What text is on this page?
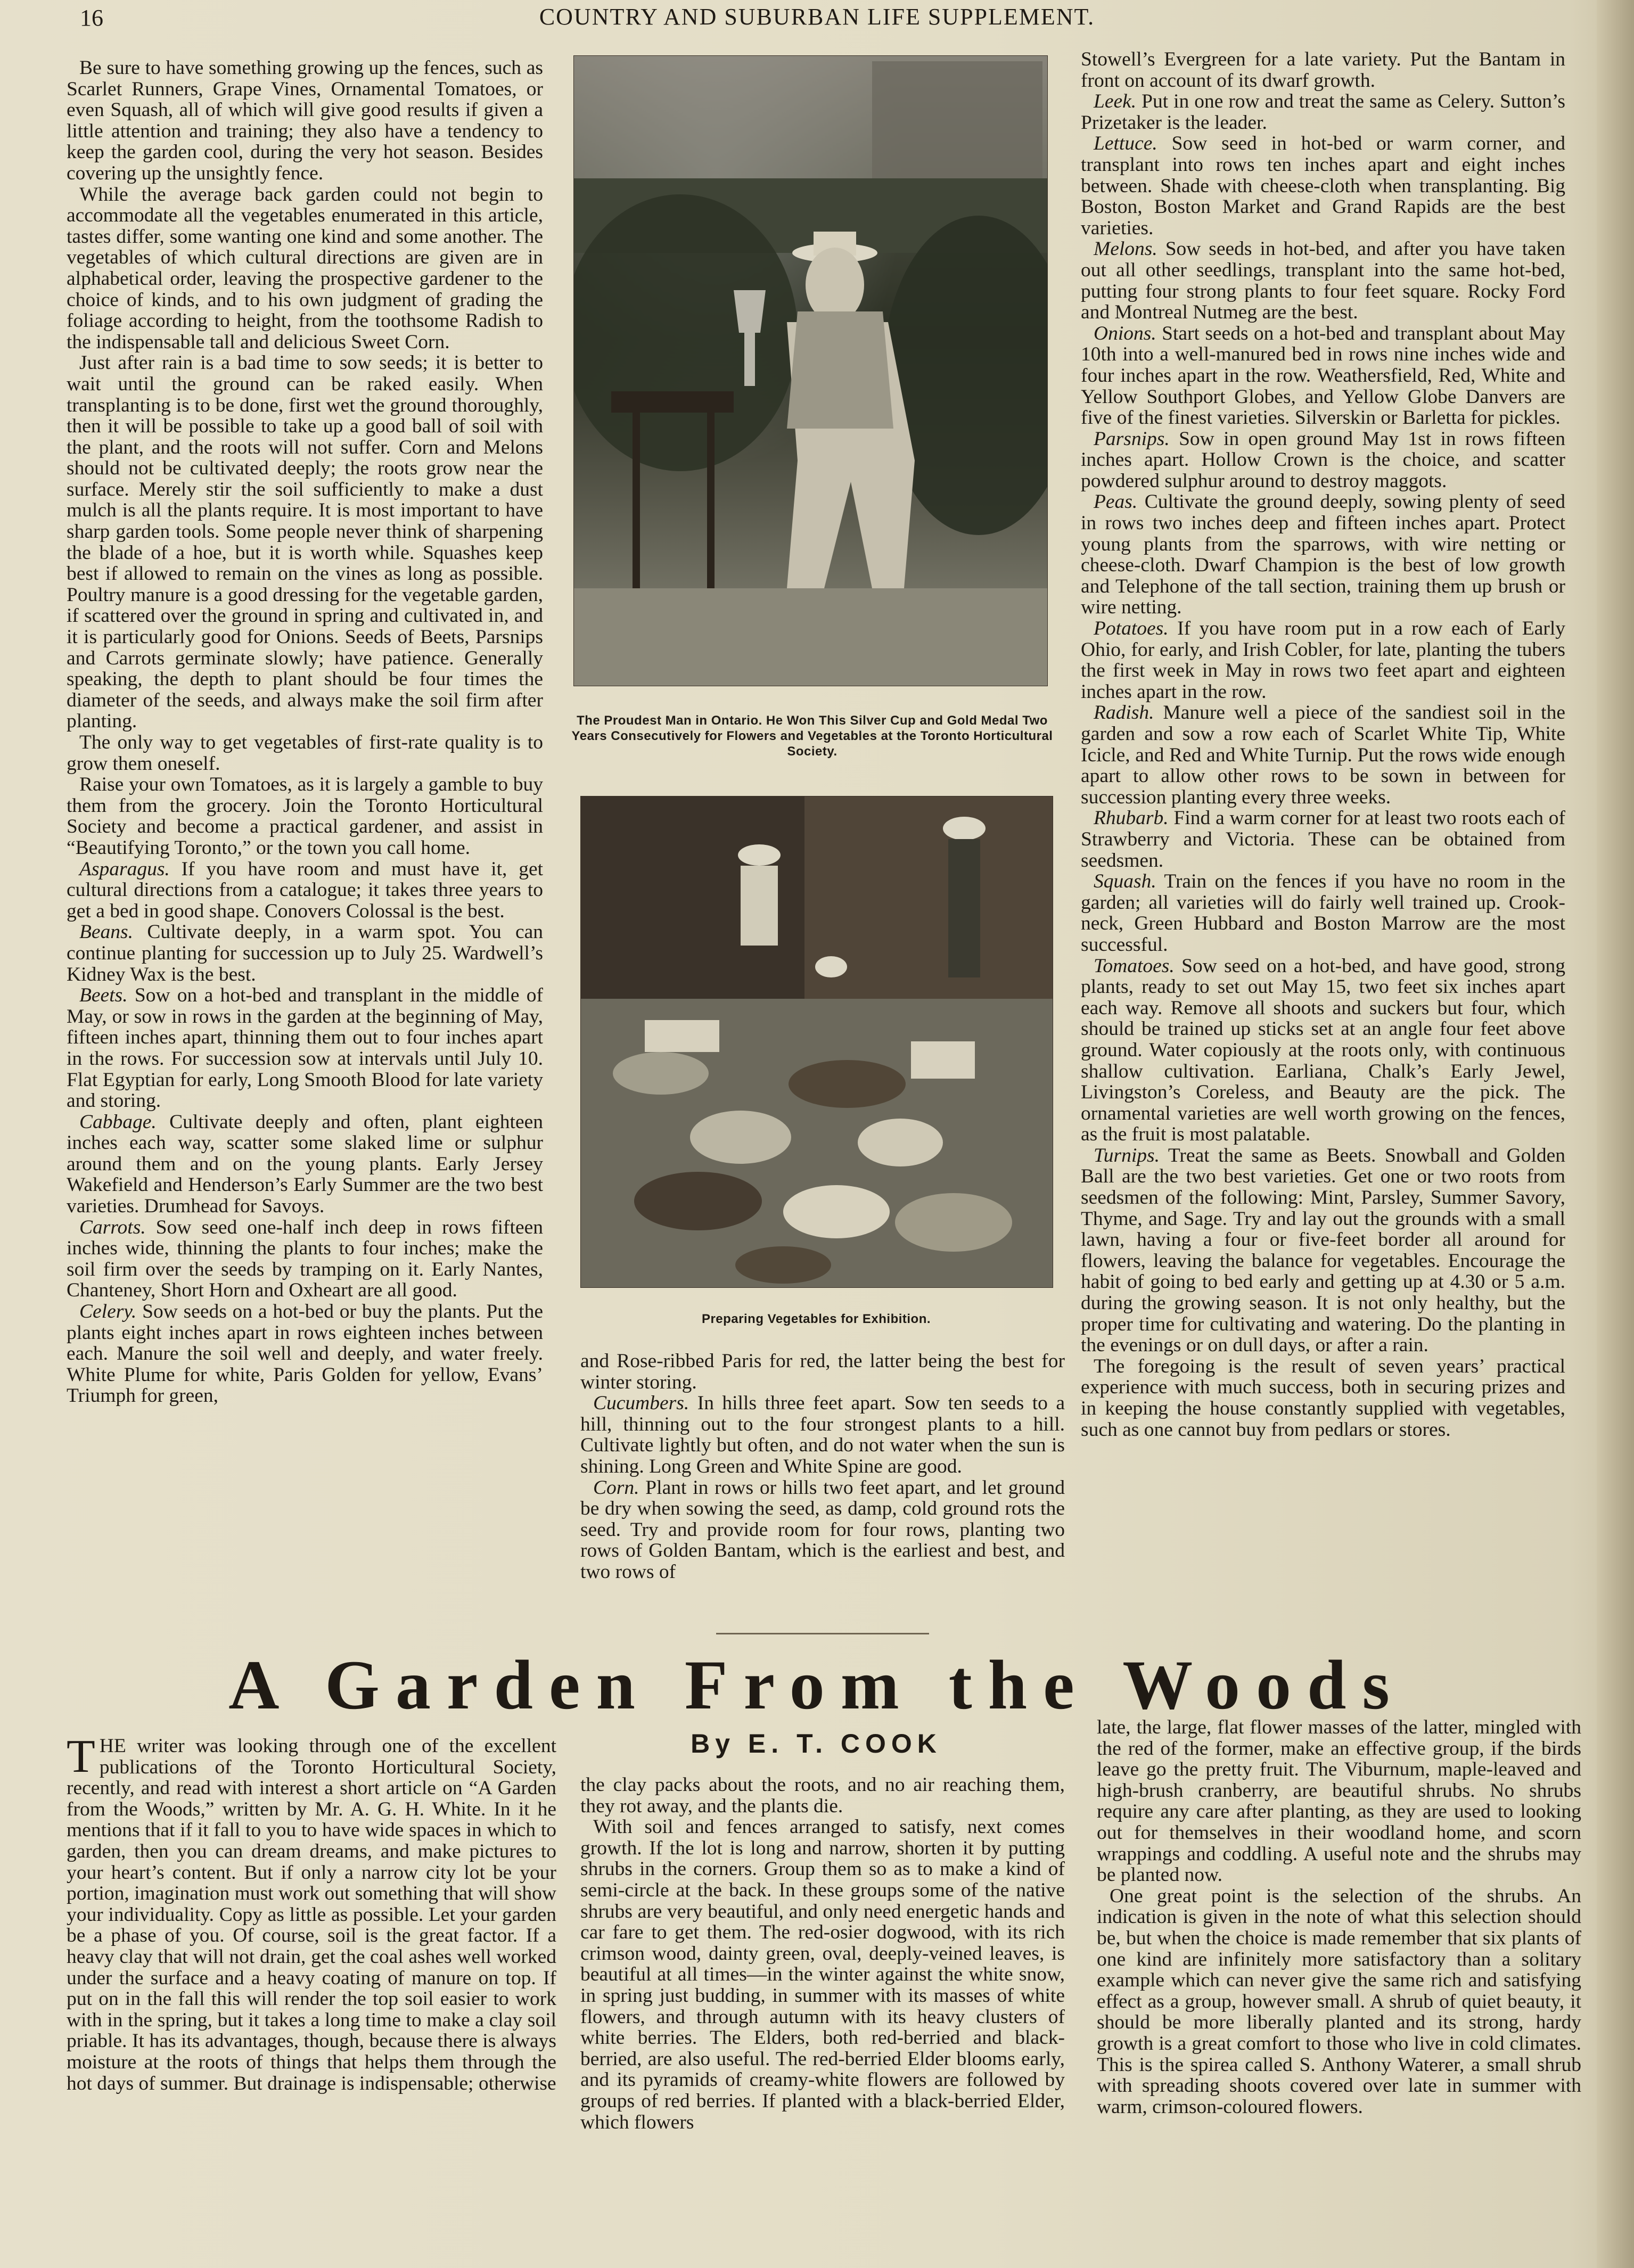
16	COUNTRY AND SUBURBAN LIFE SUPPLEMENT.

Be sure to have something growing up the fences, such as Scarlet Runners, Grape Vines, Ornamental Tomatoes, or even Squash, all of which will give good results if given a little attention and training; they also have a tendency to keep the garden cool, during the very hot season. Besides covering up the unsightly fence.

While the average back garden could not begin to accommodate all the vegetables enumerated in this article, tastes differ, some wanting one kind and some another. The vegetables of which cultural directions are given are in alphabetical order, leaving the prospective gardener to the choice of kinds, and to his own judgment of grading the foliage according to height, from the toothsome Radish to the indispensable tall and delicious Sweet Corn.

Just after rain is a bad time to sow seeds; it is better to wait until the ground can be raked easily. When transplanting is to be done, first wet the ground thoroughly, then it will be possible to take up a good ball of soil with the plant, and the roots will not suffer. Corn and Melons should not be cultivated deeply; the roots grow near the surface. Merely stir the soil sufficiently to make a dust mulch is all the plants require. It is most important to have sharp garden tools. Some people never think of sharpening the blade of a hoe, but it is worth while. Squashes keep best if allowed to remain on the vines as long as possible. Poultry manure is a good dressing for the vegetable garden, if scattered over the ground in spring and cultivated in, and it is particularly good for Onions. Seeds of Beets, Parsnips and Carrots germinate slowly; have patience. Generally speaking, the depth to plant should be four times the diameter of the seeds, and always make the soil firm after planting.

The only way to get vegetables of first-rate quality is to grow them oneself.

Raise your own Tomatoes, as it is largely a gamble to buy them from the grocery. Join the Toronto Horticultural Society and become a practical gardener, and assist in “Beautifying Toronto,” or the town you call home.

Asparagus. If you have room and must have it, get cultural directions from a catalogue; it takes three years to get a bed in good shape. Conovers Colossal is the best.

Beans. Cultivate deeply, in a warm spot. You can continue planting for succession up to July 25. Wardwell’s Kidney Wax is the best.

Beets. Sow on a hot-bed and transplant in the middle of May, or sow in rows in the garden at the beginning of May, fifteen inches apart, thinning them out to four inches apart in the rows. For succession sow at intervals until July 10. Flat Egyptian for early, Long Smooth Blood for late variety and storing.

Cabbage. Cultivate deeply and often, plant eighteen inches each way, scatter some slaked lime or sulphur around them and on the young plants. Early Jersey Wakefield and Henderson’s Early Summer are the two best varieties. Drumhead for Savoys.

Carrots. Sow seed one-half inch deep in rows fifteen inches wide, thinning the plants to four inches; make the soil firm over the seeds by tramping on it. Early Nantes, Chanteney, Short Horn and Oxheart are all good.

Celery. Sow seeds on a hot-bed or buy the plants. Put the plants eight inches apart in rows eighteen inches between each. Manure the soil well and deeply, and water freely. White Plume for white, Paris Golden for yellow, Evans’ Triumph for green,

The Proudest Man in Ontario. He Won This Silver Cup and Gold Medal Two Years Consecutively for Flowers and Vegetables at the Toronto Horticultural Society.
Preparing Vegetables for Exhibition.

and Rose-ribbed Paris for red, the latter being the best for winter storing.

Cucumbers. In hills three feet apart. Sow ten seeds to a hill, thinning out to the four strongest plants to a hill. Cultivate lightly but often, and do not water when the sun is shining. Long Green and White Spine are good.

Corn. Plant in rows or hills two feet apart, and let ground be dry when sowing the seed, as damp, cold ground rots the seed. Try and provide room for four rows, planting two rows of Golden Bantam, which is the earliest and best, and two rows of

Stowell’s Evergreen for a late variety. Put the Bantam in front on account of its dwarf growth.

Leek. Put in one row and treat the same as Celery. Sutton’s Prizetaker is the leader.

Lettuce. Sow seed in hot-bed or warm corner, and transplant into rows ten inches apart and eight inches between. Shade with cheese-cloth when transplanting. Big Boston, Boston Market and Grand Rapids are the best varieties.

Melons. Sow seeds in hot-bed, and after you have taken out all other seedlings, transplant into the same hot-bed, putting four strong plants to four feet square. Rocky Ford and Montreal Nutmeg are the best.

Onions. Start seeds on a hot-bed and transplant about May 10th into a well-manured bed in rows nine inches wide and four inches apart in the row. Weathersfield, Red, White and Yellow Southport Globes, and Yellow Globe Danvers are five of the finest varieties. Silverskin or Barletta for pickles.

Parsnips. Sow in open ground May 1st in rows fifteen inches apart. Hollow Crown is the choice, and scatter powdered sulphur around to destroy maggots.

Peas. Cultivate the ground deeply, sowing plenty of seed in rows two inches deep and fifteen inches apart. Protect young plants from the sparrows, with wire netting or cheese-cloth. Dwarf Champion is the best of low growth and Telephone of the tall section, training them up brush or wire netting.

Potatoes. If you have room put in a row each of Early Ohio, for early, and Irish Cobler, for late, planting the tubers the first week in May in rows two feet apart and eighteen inches apart in the row.

Radish. Manure well a piece of the sandiest soil in the garden and sow a row each of Scarlet White Tip, White Icicle, and Red and White Turnip. Put the rows wide enough apart to allow other rows to be sown in between for succession planting every three weeks.

Rhubarb. Find a warm corner for at least two roots each of Strawberry and Victoria. These can be obtained from seedsmen.

Squash. Train on the fences if you have no room in the garden; all varieties will do fairly well trained up. Crook-neck, Green Hubbard and Boston Marrow are the most successful.

Tomatoes. Sow seed on a hot-bed, and have good, strong plants, ready to set out May 15, two feet six inches apart each way. Remove all shoots and suckers but four, which should be trained up sticks set at an angle four feet above ground. Water copiously at the roots only, with continuous shallow cultivation. Earliana, Chalk’s Early Jewel, Livingston’s Coreless, and Beauty are the pick. The ornamental varieties are well worth growing on the fences, as the fruit is most palatable.

Turnips. Treat the same as Beets. Snowball and Golden Ball are the two best varieties. Get one or two roots from seedsmen of the following: Mint, Parsley, Summer Savory, Thyme, and Sage. Try and lay out the grounds with a small lawn, having a four or five-feet border all around for flowers, leaving the balance for vegetables. Encourage the habit of going to bed early and getting up at 4.30 or 5 a.m. during the growing season. It is not only healthy, but the proper time for cultivating and watering. Do the planting in the evenings or on dull days, or after a rain.

The foregoing is the result of seven years’ practical experience with much success, both in securing prizes and in keeping the house constantly supplied with vegetables, such as one cannot buy from pedlars or stores.

A Garden From the Woods
By E. T. COOK

THE writer was looking through one of the excellent publications of the Toronto Horticultural Society, recently, and read with interest a short article on “A Garden from the Woods,” written by Mr. A. G. H. White. In it he mentions that if it fall to you to have wide spaces in which to garden, then you can dream dreams, and make pictures to your heart’s content. But if only a narrow city lot be your portion, imagination must work out something that will show your individuality. Copy as little as possible. Let your garden be a phase of you. Of course, soil is the great factor. If a heavy clay that will not drain, get the coal ashes well worked under the surface and a heavy coating of manure on top. If put on in the fall this will render the top soil easier to work with in the spring, but it takes a long time to make a clay soil priable. It has its advantages, though, because there is always moisture at the roots of things that helps them through the hot days of summer. But drainage is indispensable; otherwise

the clay packs about the roots, and no air reaching them, they rot away, and the plants die.

With soil and fences arranged to satisfy, next comes growth. If the lot is long and narrow, shorten it by putting shrubs in the corners. Group them so as to make a kind of semi-circle at the back. In these groups some of the native shrubs are very beautiful, and only need energetic hands and car fare to get them. The red-osier dogwood, with its rich crimson wood, dainty green, oval, deeply-veined leaves, is beautiful at all times—in the winter against the white snow, in spring just budding, in summer with its masses of white flowers, and through autumn with its heavy clusters of white berries. The Elders, both red-berried and black-berried, are also useful. The red-berried Elder blooms early, and its pyramids of creamy-white flowers are followed by groups of red berries. If planted with a black-berried Elder, which flowers

late, the large, flat flower masses of the latter, mingled with the red of the former, make an effective group, if the birds leave go the pretty fruit. The Viburnum, maple-leaved and high-brush cranberry, are beautiful shrubs. No shrubs require any care after planting, as they are used to looking out for themselves in their woodland home, and scorn wrappings and coddling. A useful note and the shrubs may be planted now.

One great point is the selection of the shrubs. An indication is given in the note of what this selection should be, but when the choice is made remember that six plants of one kind are infinitely more satisfactory than a solitary example which can never give the same rich and satisfying effect as a group, however small. A shrub of quiet beauty, it should be more liberally planted and its strong, hardy growth is a great comfort to those who live in cold climates. This is the spirea called S. Anthony Waterer, a small shrub with spreading shoots covered over late in summer with warm, crimson-coloured flowers.
